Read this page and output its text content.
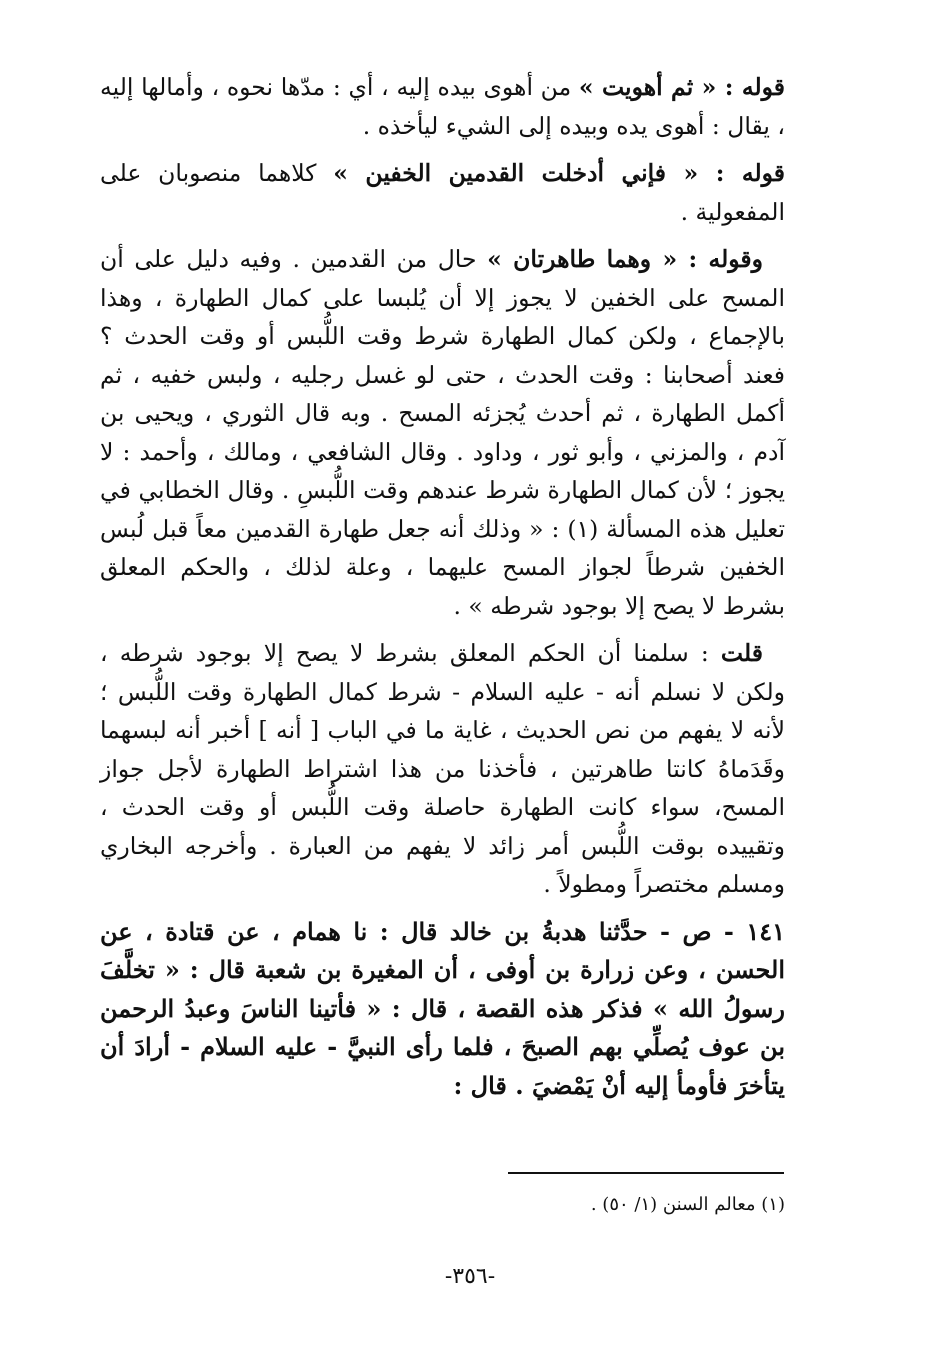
قوله : « ثم أهويت » من أهوى بيده إليه ، أي : مدّها نحوه ، وأمالها إليه ، يقال : أهوى يده وبيده إلى الشيء ليأخذه .

قوله : « فإني أدخلت القدمين الخفين » كلاهما منصوبان على المفعولية .

وقوله : « وهما طاهرتان » حال من القدمين . وفيه دليل على أن المسح على الخفين لا يجوز إلا أن يُلبسا على كمال الطهارة ، وهذا بالإجماع ، ولكن كمال الطهارة شرط وقت اللُّبس أو وقت الحدث ؟ فعند أصحابنا : وقت الحدث ، حتى لو غسل رجليه ، ولبس خفيه ، ثم أكمل الطهارة ، ثم أحدث يُجزئه المسح . وبه قال الثوري ، ويحيى بن آدم ، والمزني ، وأبو ثور ، وداود . وقال الشافعي ، ومالك ، وأحمد : لا يجوز ؛ لأن كمال الطهارة شرط عندهم وقت اللُّبسِ . وقال الخطابي في تعليل هذه المسألة (١) : « وذلك أنه جعل طهارة القدمين معاً قبل لُبس الخفين شرطاً لجواز المسح عليهما ، وعلة لذلك ، والحكم المعلق بشرط لا يصح إلا بوجود شرطه » .

قلت : سلمنا أن الحكم المعلق بشرط لا يصح إلا بوجود شرطه ، ولكن لا نسلم أنه - عليه السلام - شرط كمال الطهارة وقت اللُّبس ؛ لأنه لا يفهم من نص الحديث ، غاية ما في الباب [ أنه ] أخبر أنه لبسهما وقَدَماهُ كانتا طاهرتين ، فأخذنا من هذا اشتراط الطهارة لأجل جواز المسح، سواء كانت الطهارة حاصلة وقت اللُّبس أو وقت الحدث ، وتقييده بوقت اللُّبس أمر زائد لا يفهم من العبارة . وأخرجه البخاري ومسلم مختصراً ومطولاً .

١٤١ - ص - حدَّثنا هدبةُ بن خالد قال : نا همام ، عن قتادة ، عن الحسن ، وعن زرارة بن أوفى ، أن المغيرة بن شعبة قال : « تخلَّفَ رسولُ الله » فذكر هذه القصة ، قال : « فأتينا الناسَ وعبدُ الرحمن بن عوف يُصلِّي بهم الصبحَ ، فلما رأى النبيَّ - عليه السلام - أرادَ أن يتأخرَ فأومأ إليه أنْ يَمْضيَ . قال :

(١) معالم السنن (١/ ٥٠) .
-٣٥٦-
